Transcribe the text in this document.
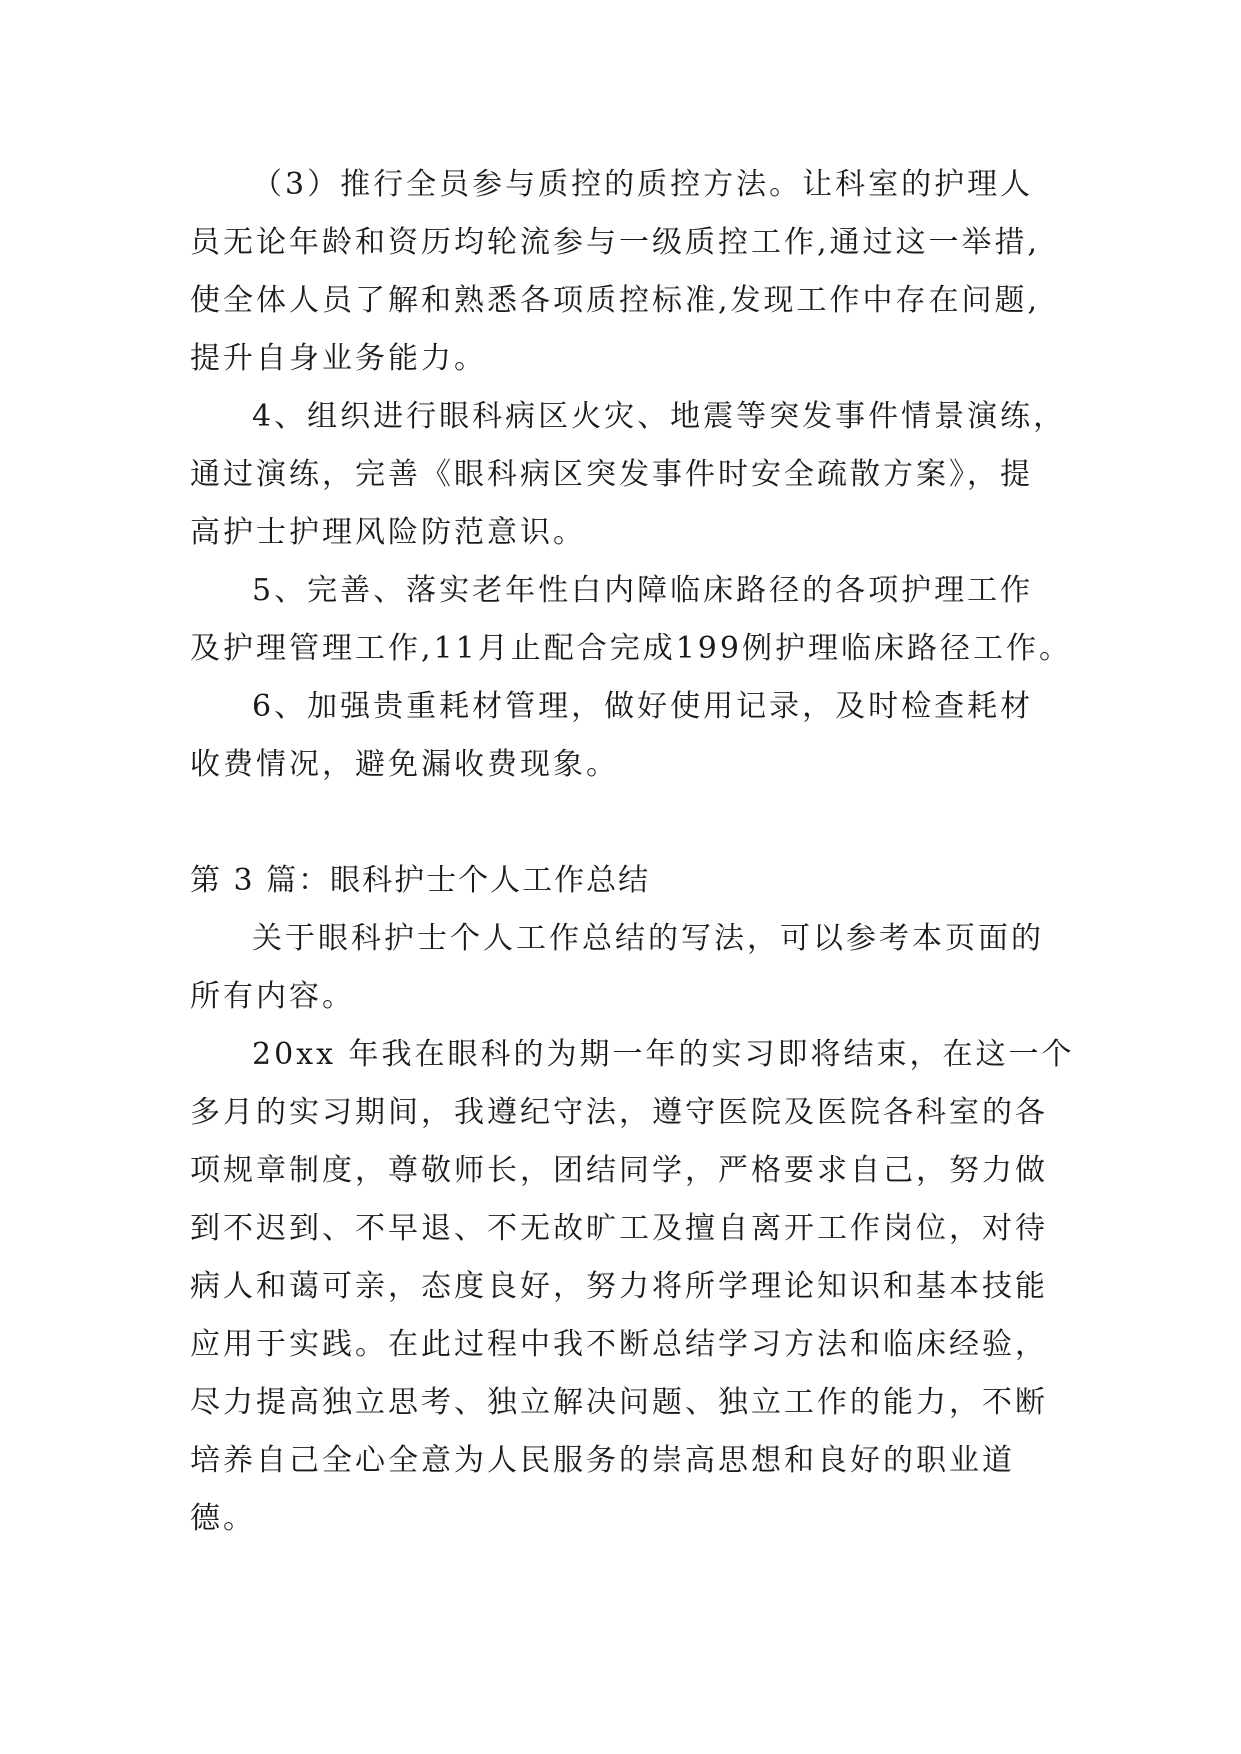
（3）推行全员参与质控的质控方法。让科室的护理人
员无论年龄和资历均轮流参与一级质控工作,通过这一举措,
使全体人员了解和熟悉各项质控标准,发现工作中存在问题,
提升自身业务能力。
4、组织进行眼科病区火灾、地震等突发事件情景演练，
通过演练，完善《眼科病区突发事件时安全疏散方案》，提
高护士护理风险防范意识。
5、完善、落实老年性白内障临床路径的各项护理工作
及护理管理工作,11月止配合完成199例护理临床路径工作。
6、加强贵重耗材管理，做好使用记录，及时检查耗材
收费情况，避免漏收费现象。
第 3 篇：眼科护士个人工作总结
关于眼科护士个人工作总结的写法，可以参考本页面的
所有内容。
20xx 年我在眼科的为期一年的实习即将结束，在这一个
多月的实习期间，我遵纪守法，遵守医院及医院各科室的各
项规章制度，尊敬师长，团结同学，严格要求自己，努力做
到不迟到、不早退、不无故旷工及擅自离开工作岗位，对待
病人和蔼可亲，态度良好，努力将所学理论知识和基本技能
应用于实践。在此过程中我不断总结学习方法和临床经验，
尽力提高独立思考、独立解决问题、独立工作的能力，不断
培养自己全心全意为人民服务的崇高思想和良好的职业道
德。
